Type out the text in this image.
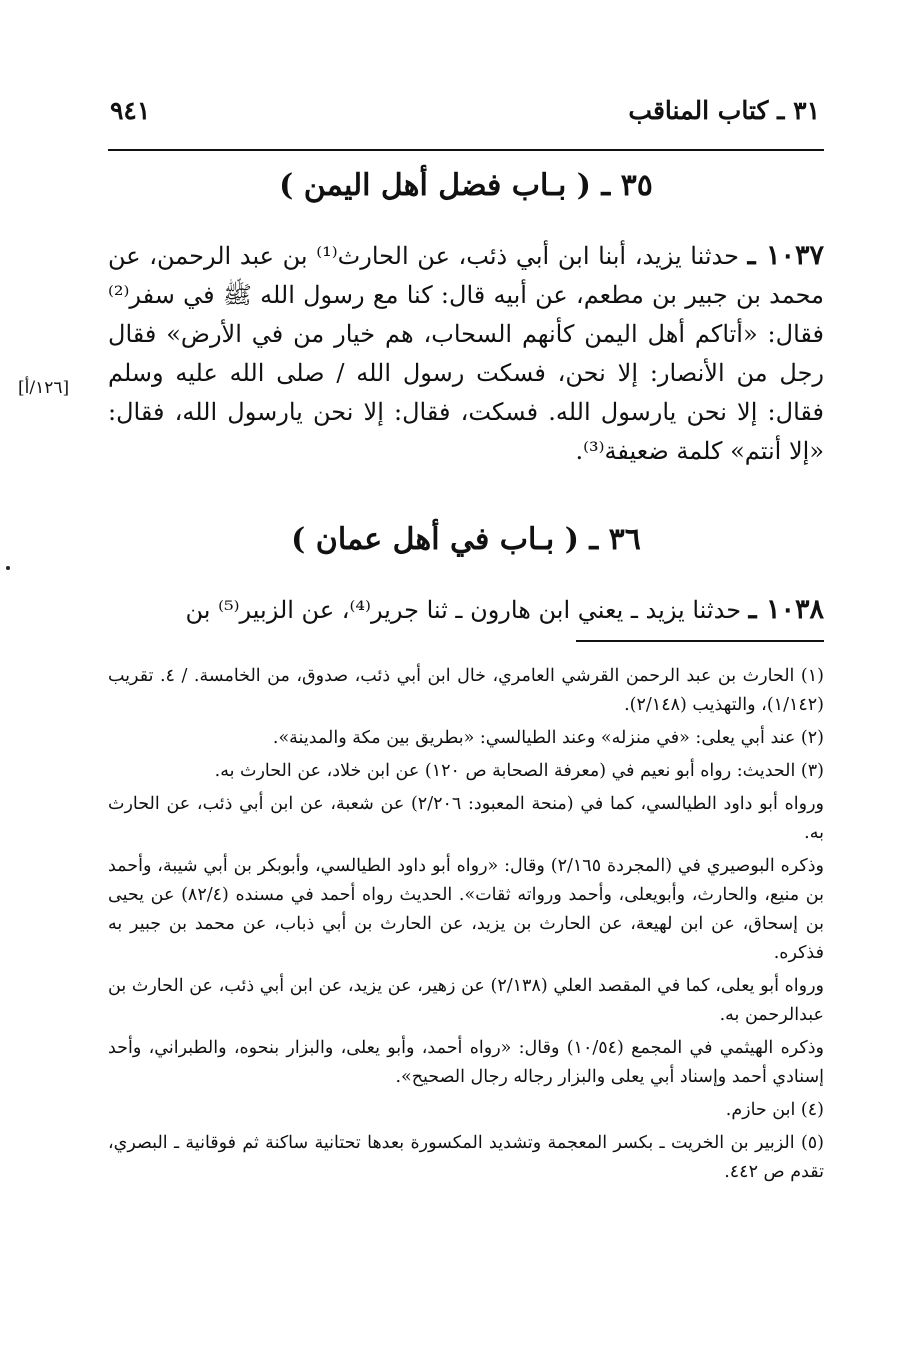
٣١ ـ كتاب المناقب
٩٤١
٣٥ ـ ( بـاب فضل أهل اليمن )
١٠٣٧ ـ حدثنا يزيد، أبنا ابن أبي ذئب، عن الحارث⁽¹⁾ بن عبد الرحمن، عن محمد بن جبير بن مطعم، عن أبيه قال: كنا مع رسول الله ﷺ في سفر⁽²⁾ فقال: «أتاكم أهل اليمن كأنهم السحاب، هم خيار من في الأرض» فقال رجل من الأنصار: إلا نحن، فسكت رسول الله / صلى الله عليه وسلم فقال: إلا نحن يارسول الله. فسكت، فقال: إلا نحن يارسول الله، فقال: «إلا أنتم» كلمة ضعيفة⁽³⁾.
[١٢٦/أ]
٣٦ ـ ( بـاب في أهل عمان )
١٠٣٨ ـ حدثنا يزيد ـ يعني ابن هارون ـ ثنا جرير⁽⁴⁾، عن الزبير⁽⁵⁾ بن

(١) الحارث بن عبد الرحمن القرشي العامري، خال ابن أبي ذئب، صدوق، من الخامسة. / ٤. تقريب (١/١٤٢)، والتهذيب (٢/١٤٨).

(٢) عند أبي يعلى: «في منزله» وعند الطيالسي: «بطريق بين مكة والمدينة».

(٣) الحديث: رواه أبو نعيم في (معرفة الصحابة ص ١٢٠) عن ابن خلاد، عن الحارث به.

ورواه أبو داود الطيالسي، كما في (منحة المعبود: ٢/٢٠٦) عن شعبة، عن ابن أبي ذئب، عن الحارث به.

وذكره البوصيري في (المجردة ٢/١٦٥) وقال: «رواه أبو داود الطيالسي، وأبوبكر بن أبي شيبة، وأحمد بن منيع، والحارث، وأبويعلى، وأحمد ورواته ثقات». الحديث رواه أحمد في مسنده (٨٢/٤) عن يحيى بن إسحاق، عن ابن لهيعة، عن الحارث بن يزيد، عن الحارث بن أبي ذباب، عن محمد بن جبير به فذكره.

ورواه أبو يعلى، كما في المقصد العلي (٢/١٣٨) عن زهير، عن يزيد، عن ابن أبي ذئب، عن الحارث بن عبدالرحمن به.

وذكره الهيثمي في المجمع (١٠/٥٤) وقال: «رواه أحمد، وأبو يعلى، والبزار بنحوه، والطبراني، وأحد إسنادي أحمد وإسناد أبي يعلى والبزار رجاله رجال الصحيح».

(٤) ابن حازم.

(٥) الزبير بن الخريت ـ بكسر المعجمة وتشديد المكسورة بعدها تحتانية ساكنة ثم فوقانية ـ البصري، تقدم ص ٤٤٢.
